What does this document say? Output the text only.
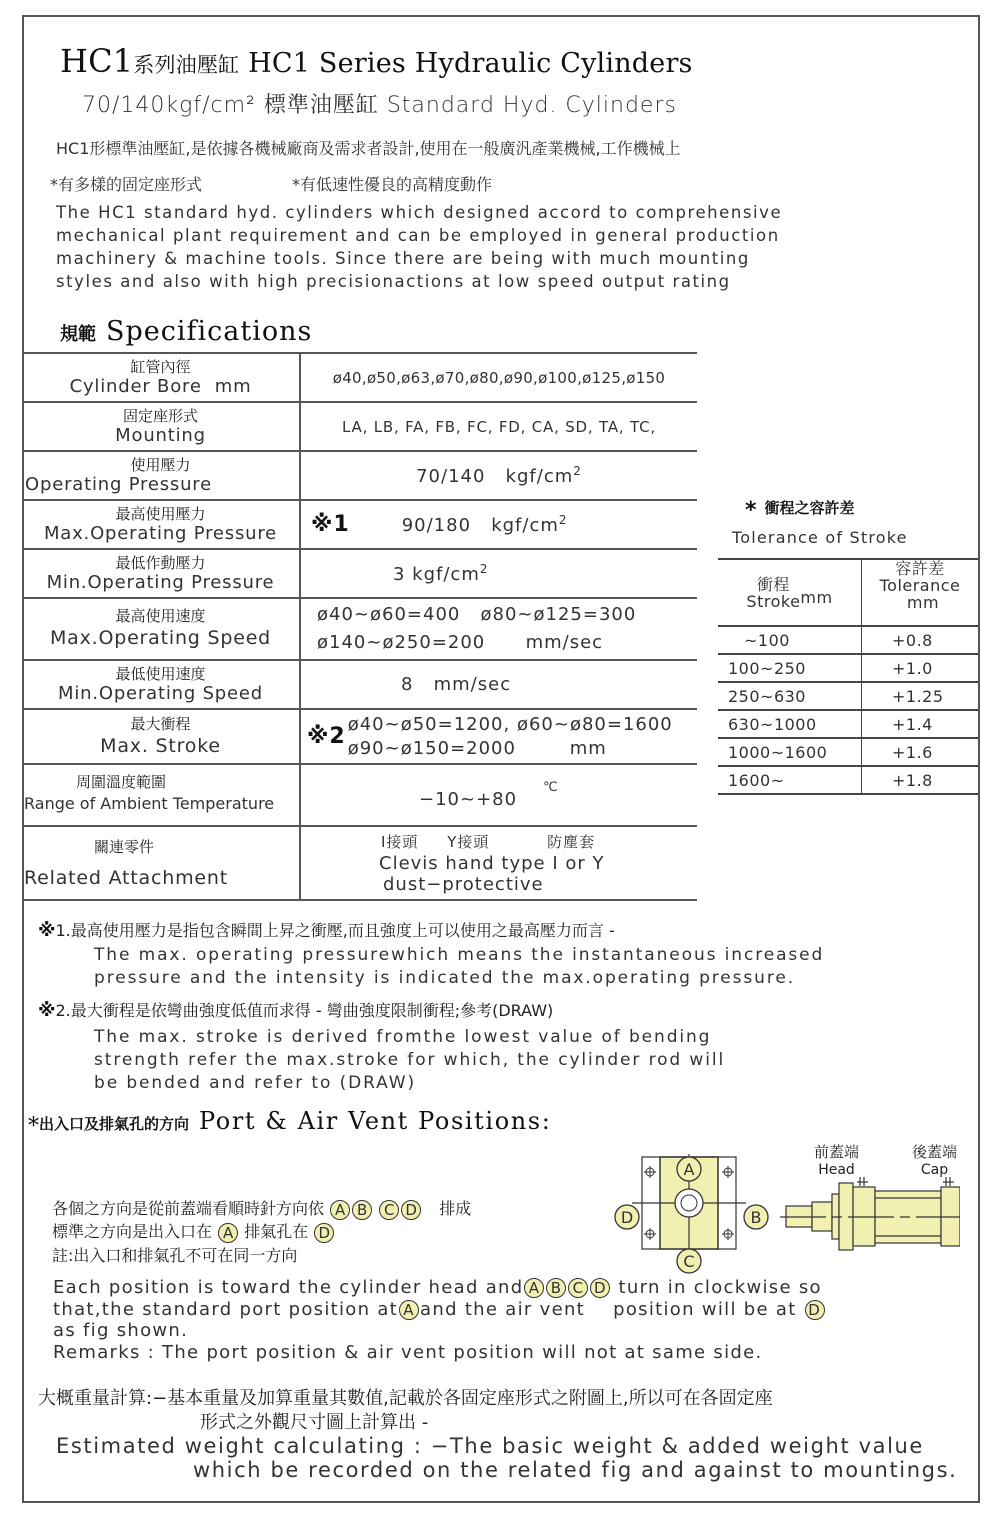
HC1系列油壓缸 HC1 Series Hydraulic Cylinders
70/140kgf/cm² 標準油壓缸 Standard Hyd. Cylinders
HC1形標準油壓缸,是依據各機械廠商及需求者設計,使用在一般廣汎產業機械,工作機械上
*有多樣的固定座形式	*有低速性優良的高精度動作
The HC1 standard hyd. cylinders which designed accord to comprehensive
mechanical plant requirement and can be employed in general production
machinery & machine tools. Since there are being with much mounting
styles and also with high precisionactions at low speed output rating
規範 Specifications
缸管內徑
Cylinder Bore  mm	ø40,ø50,ø63,ø70,ø80,ø90,ø100,ø125,ø150

固定座形式
Mounting	LA, LB, FA, FB, FC, FD, CA, SD, TA, TC,

使用壓力
Operating Pressure	70/140   kgf/$cm^2$

最高使用壓力
Max.Operating Pressure	※1 90/180   kgf/$cm^2$

最低作動壓力
Min.Operating Pressure	3 kgf/$cm^2$

最高使用速度
Max.Operating Speed	ø40~ø60=400   ø80~ø125=300
ø140~ø250=200      mm/sec

最低使用速度
Min.Operating Speed	8   mm/sec

最大衝程
Max. Stroke	※2 ø40~ø50=1200, ø60~ø80=1600
ø90~ø150=2000        mm

周圍溫度範圍
Range of Ambient Temperature	−10~+80℃

關連零件
Related Attachment	I接頭     Y接頭          防塵套
Clevis hand type I or Y
dust−protective
* 衝程之容許差
Tolerance of Stroke
衝程
Stroke mm	容許差
Tolerance
mm
~100	+0.8
100~250	+1.0
250~630	+1.25
630~1000	+1.4
1000~1600	+1.6
1600~	+1.8
※1.最高使用壓力是指包含瞬間上昇之衝壓,而且強度上可以使用之最高壓力而言 -
The max. operating pressurewhich means the instantaneous increased
pressure and the intensity is indicated the max.operating pressure.
※2.最大衝程是依彎曲強度低值而求得 - 彎曲強度限制衝程;參考(DRAW)
The max. stroke is derived fromthe lowest value of bending
strength refer the max.stroke for which, the cylinder rod will
be bended and refer to (DRAW)
*出入口及排氣孔的方向 Port & Air Vent Positions:
各個之方向是從前蓋端看順時針方向依 A B C D 排成
標準之方向是出入口在 A 排氣孔在 D
註:出入口和排氣孔不可在同一方向
Each position is toward the cylinder head and A B C D turn in clockwise so
that,the standard port position at A and the air vent    position will be at D
as fig shown.
Remarks : The port position & air vent position will not at same side.
A
B
C
D
前蓋端
Head
後蓋端
Cap
大概重量計算:−基本重量及加算重量其數值,記載於各固定座形式之附圖上,所以可在各固定座
形式之外觀尺寸圖上計算出 -
Estimated weight calculating : −The basic weight & added weight value
which be recorded on the related fig and against to mountings.
